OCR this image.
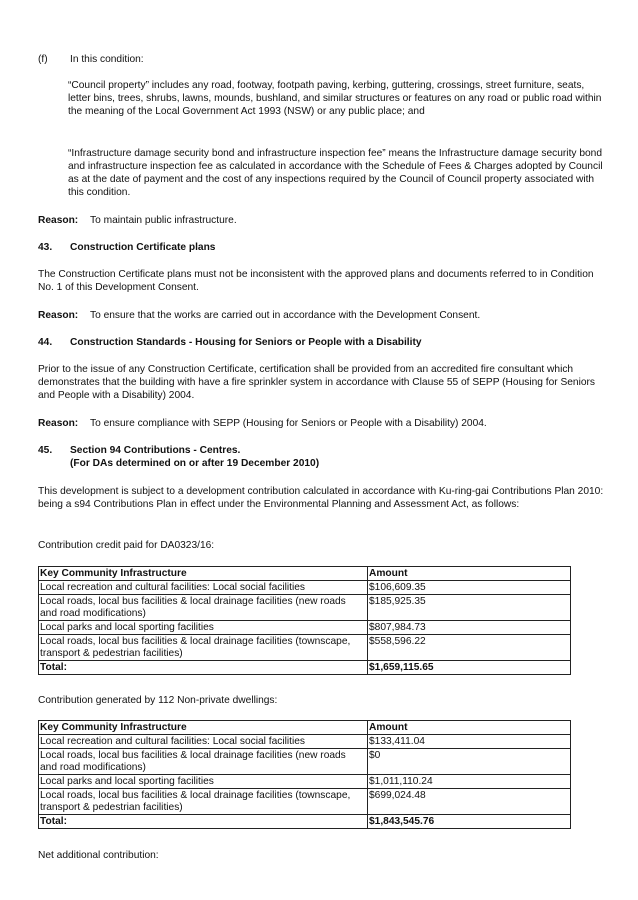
(f) In this condition:

“Council property” includes any road, footway, footpath paving, kerbing, guttering, crossings, street furniture, seats, letter bins, trees, shrubs, lawns, mounds, bushland, and similar structures or features on any road or public road within the meaning of the Local Government Act 1993 (NSW) or any public place; and

“Infrastructure damage security bond and infrastructure inspection fee” means the Infrastructure damage security bond and infrastructure inspection fee as calculated in accordance with the Schedule of Fees & Charges adopted by Council as at the date of payment and the cost of any inspections required by the Council of Council property associated with this condition.

Reason: To maintain public infrastructure.
43. Construction Certificate plans

The Construction Certificate plans must not be inconsistent with the approved plans and documents referred to in Condition No. 1 of this Development Consent.

Reason: To ensure that the works are carried out in accordance with the Development Consent.
44. Construction Standards - Housing for Seniors or People with a Disability

Prior to the issue of any Construction Certificate, certification shall be provided from an accredited fire consultant which demonstrates that the building with have a fire sprinkler system in accordance with Clause 55 of SEPP (Housing for Seniors and People with a Disability) 2004.

Reason: To ensure compliance with SEPP (Housing for Seniors or People with a Disability) 2004.
45. Section 94 Contributions - Centres.
(For DAs determined on or after 19 December 2010)

This development is subject to a development contribution calculated in accordance with Ku-ring-gai Contributions Plan 2010: being a s94 Contributions Plan in effect under the Environmental Planning and Assessment Act, as follows:

Contribution credit paid for DA0323/16:

Key Community Infrastructure	Amount
Local recreation and cultural facilities: Local social facilities	$106,609.35
Local roads, local bus facilities & local drainage facilities (new roads and road modifications)	$185,925.35
Local parks and local sporting facilities	$807,984.73
Local roads, local bus facilities & local drainage facilities (townscape, transport & pedestrian facilities)	$558,596.22
Total:	$1,659,115.65

Contribution generated by 112 Non-private dwellings:

Key Community Infrastructure	Amount
Local recreation and cultural facilities: Local social facilities	$133,411.04
Local roads, local bus facilities & local drainage facilities (new roads and road modifications)	$0
Local parks and local sporting facilities	$1,011,110.24
Local roads, local bus facilities & local drainage facilities (townscape, transport & pedestrian facilities)	$699,024.48
Total:	$1,843,545.76

Net additional contribution:
